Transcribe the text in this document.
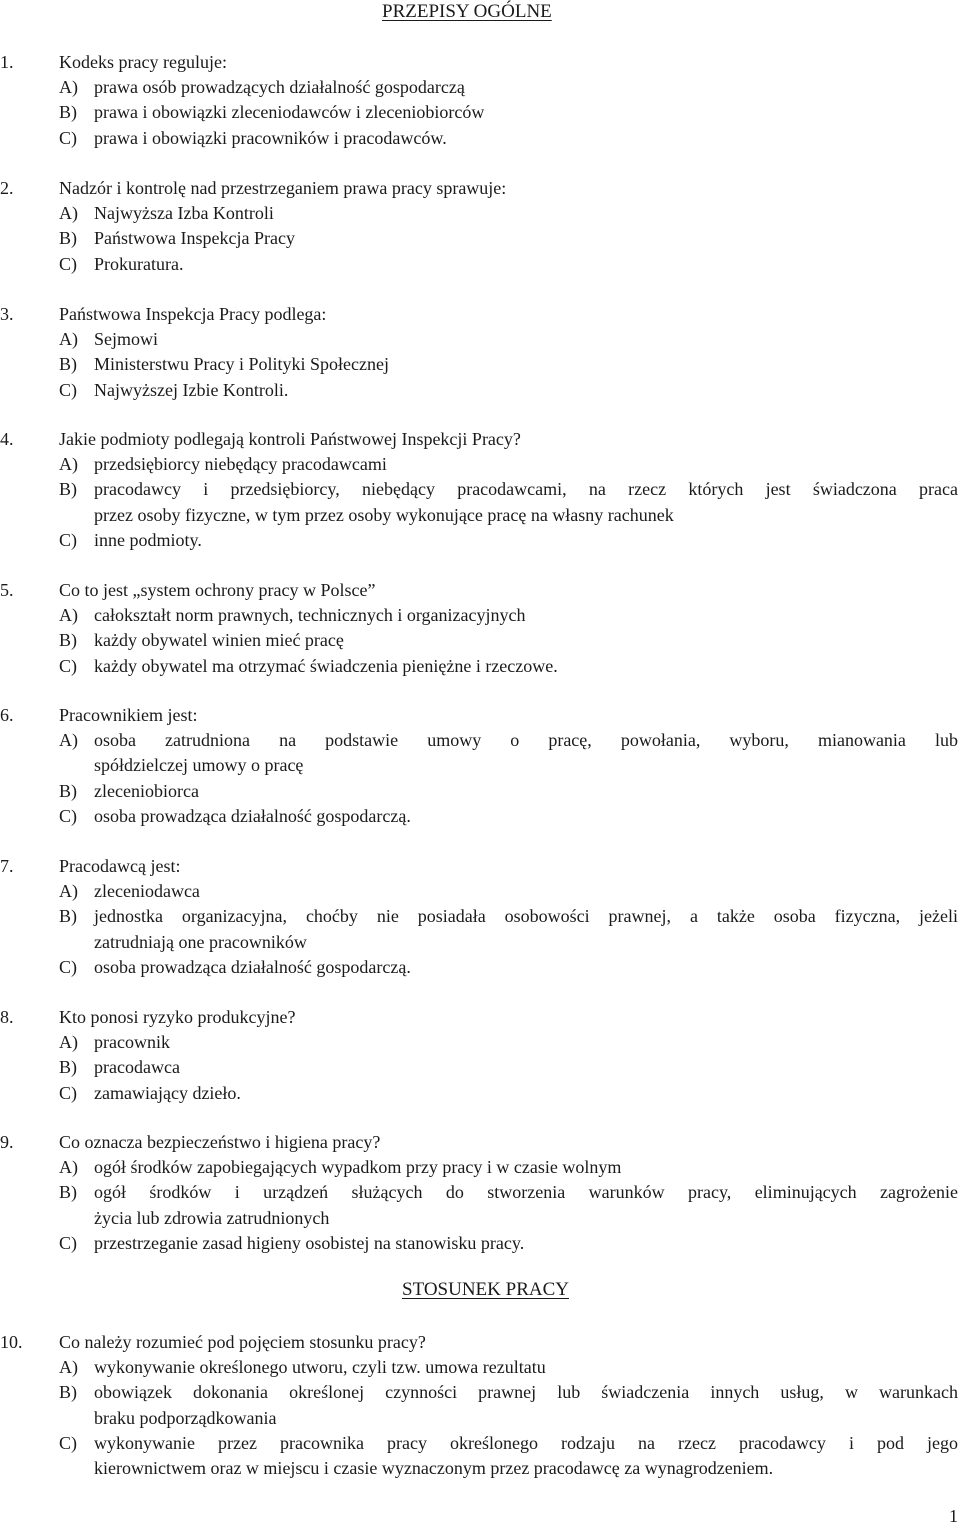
PRZEPISY OGÓLNE
STOSUNEK PRACY
1.	Kodeks pracy reguluje:
A) prawa osób prowadzących działalność gospodarczą
B) prawa i obowiązki zleceniodawców i zleceniobiorców
C) prawa i obowiązki pracowników i pracodawców.
2.	Nadzór i kontrolę nad przestrzeganiem prawa pracy sprawuje:
A) Najwyższa Izba Kontroli
B) Państwowa Inspekcja Pracy
C) Prokuratura.
3.	Państwowa Inspekcja Pracy podlega:
A) Sejmowi
B) Ministerstwu Pracy i Polityki Społecznej
C) Najwyższej Izbie Kontroli.
4.	Jakie podmioty podlegają kontroli Państwowej Inspekcji Pracy?
A) przedsiębiorcy niebędący pracodawcami
B) pracodawcy i przedsiębiorcy, niebędący pracodawcami, na rzecz których jest świadczona praca
przez osoby fizyczne, w tym przez osoby wykonujące pracę na własny rachunek
C) inne podmioty.
5.	Co to jest „system ochrony pracy w Polsce”
A) całokształt norm prawnych, technicznych i organizacyjnych
B) każdy obywatel winien mieć pracę
C) każdy obywatel ma otrzymać świadczenia pieniężne i rzeczowe.
6.	Pracownikiem jest:
A) osoba zatrudniona na podstawie umowy o pracę, powołania, wyboru, mianowania lub
spółdzielczej umowy o pracę
B) zleceniobiorca
C) osoba prowadząca działalność gospodarczą.
7.	Pracodawcą jest:
A) zleceniodawca
B) jednostka organizacyjna, choćby nie posiadała osobowości prawnej, a także osoba fizyczna, jeżeli
zatrudniają one pracowników
C) osoba prowadząca działalność gospodarczą.
8.	Kto ponosi ryzyko produkcyjne?
A) pracownik
B) pracodawca
C) zamawiający dzieło.
9.	Co oznacza bezpieczeństwo i higiena pracy?
A) ogół środków zapobiegających wypadkom przy pracy i w czasie wolnym
B) ogół środków i urządzeń służących do stworzenia warunków pracy, eliminujących zagrożenie
życia lub zdrowia zatrudnionych
C) przestrzeganie zasad higieny osobistej na stanowisku pracy.
10. Co należy rozumieć pod pojęciem stosunku pracy?
A) wykonywanie określonego utworu, czyli tzw. umowa rezultatu
B) obowiązek dokonania określonej czynności prawnej lub świadczenia innych usług, w warunkach
braku podporządkowania
C) wykonywanie przez pracownika pracy określonego rodzaju na rzecz pracodawcy i pod jego
kierownictwem oraz w miejscu i czasie wyznaczonym przez pracodawcę za wynagrodzeniem.
1
